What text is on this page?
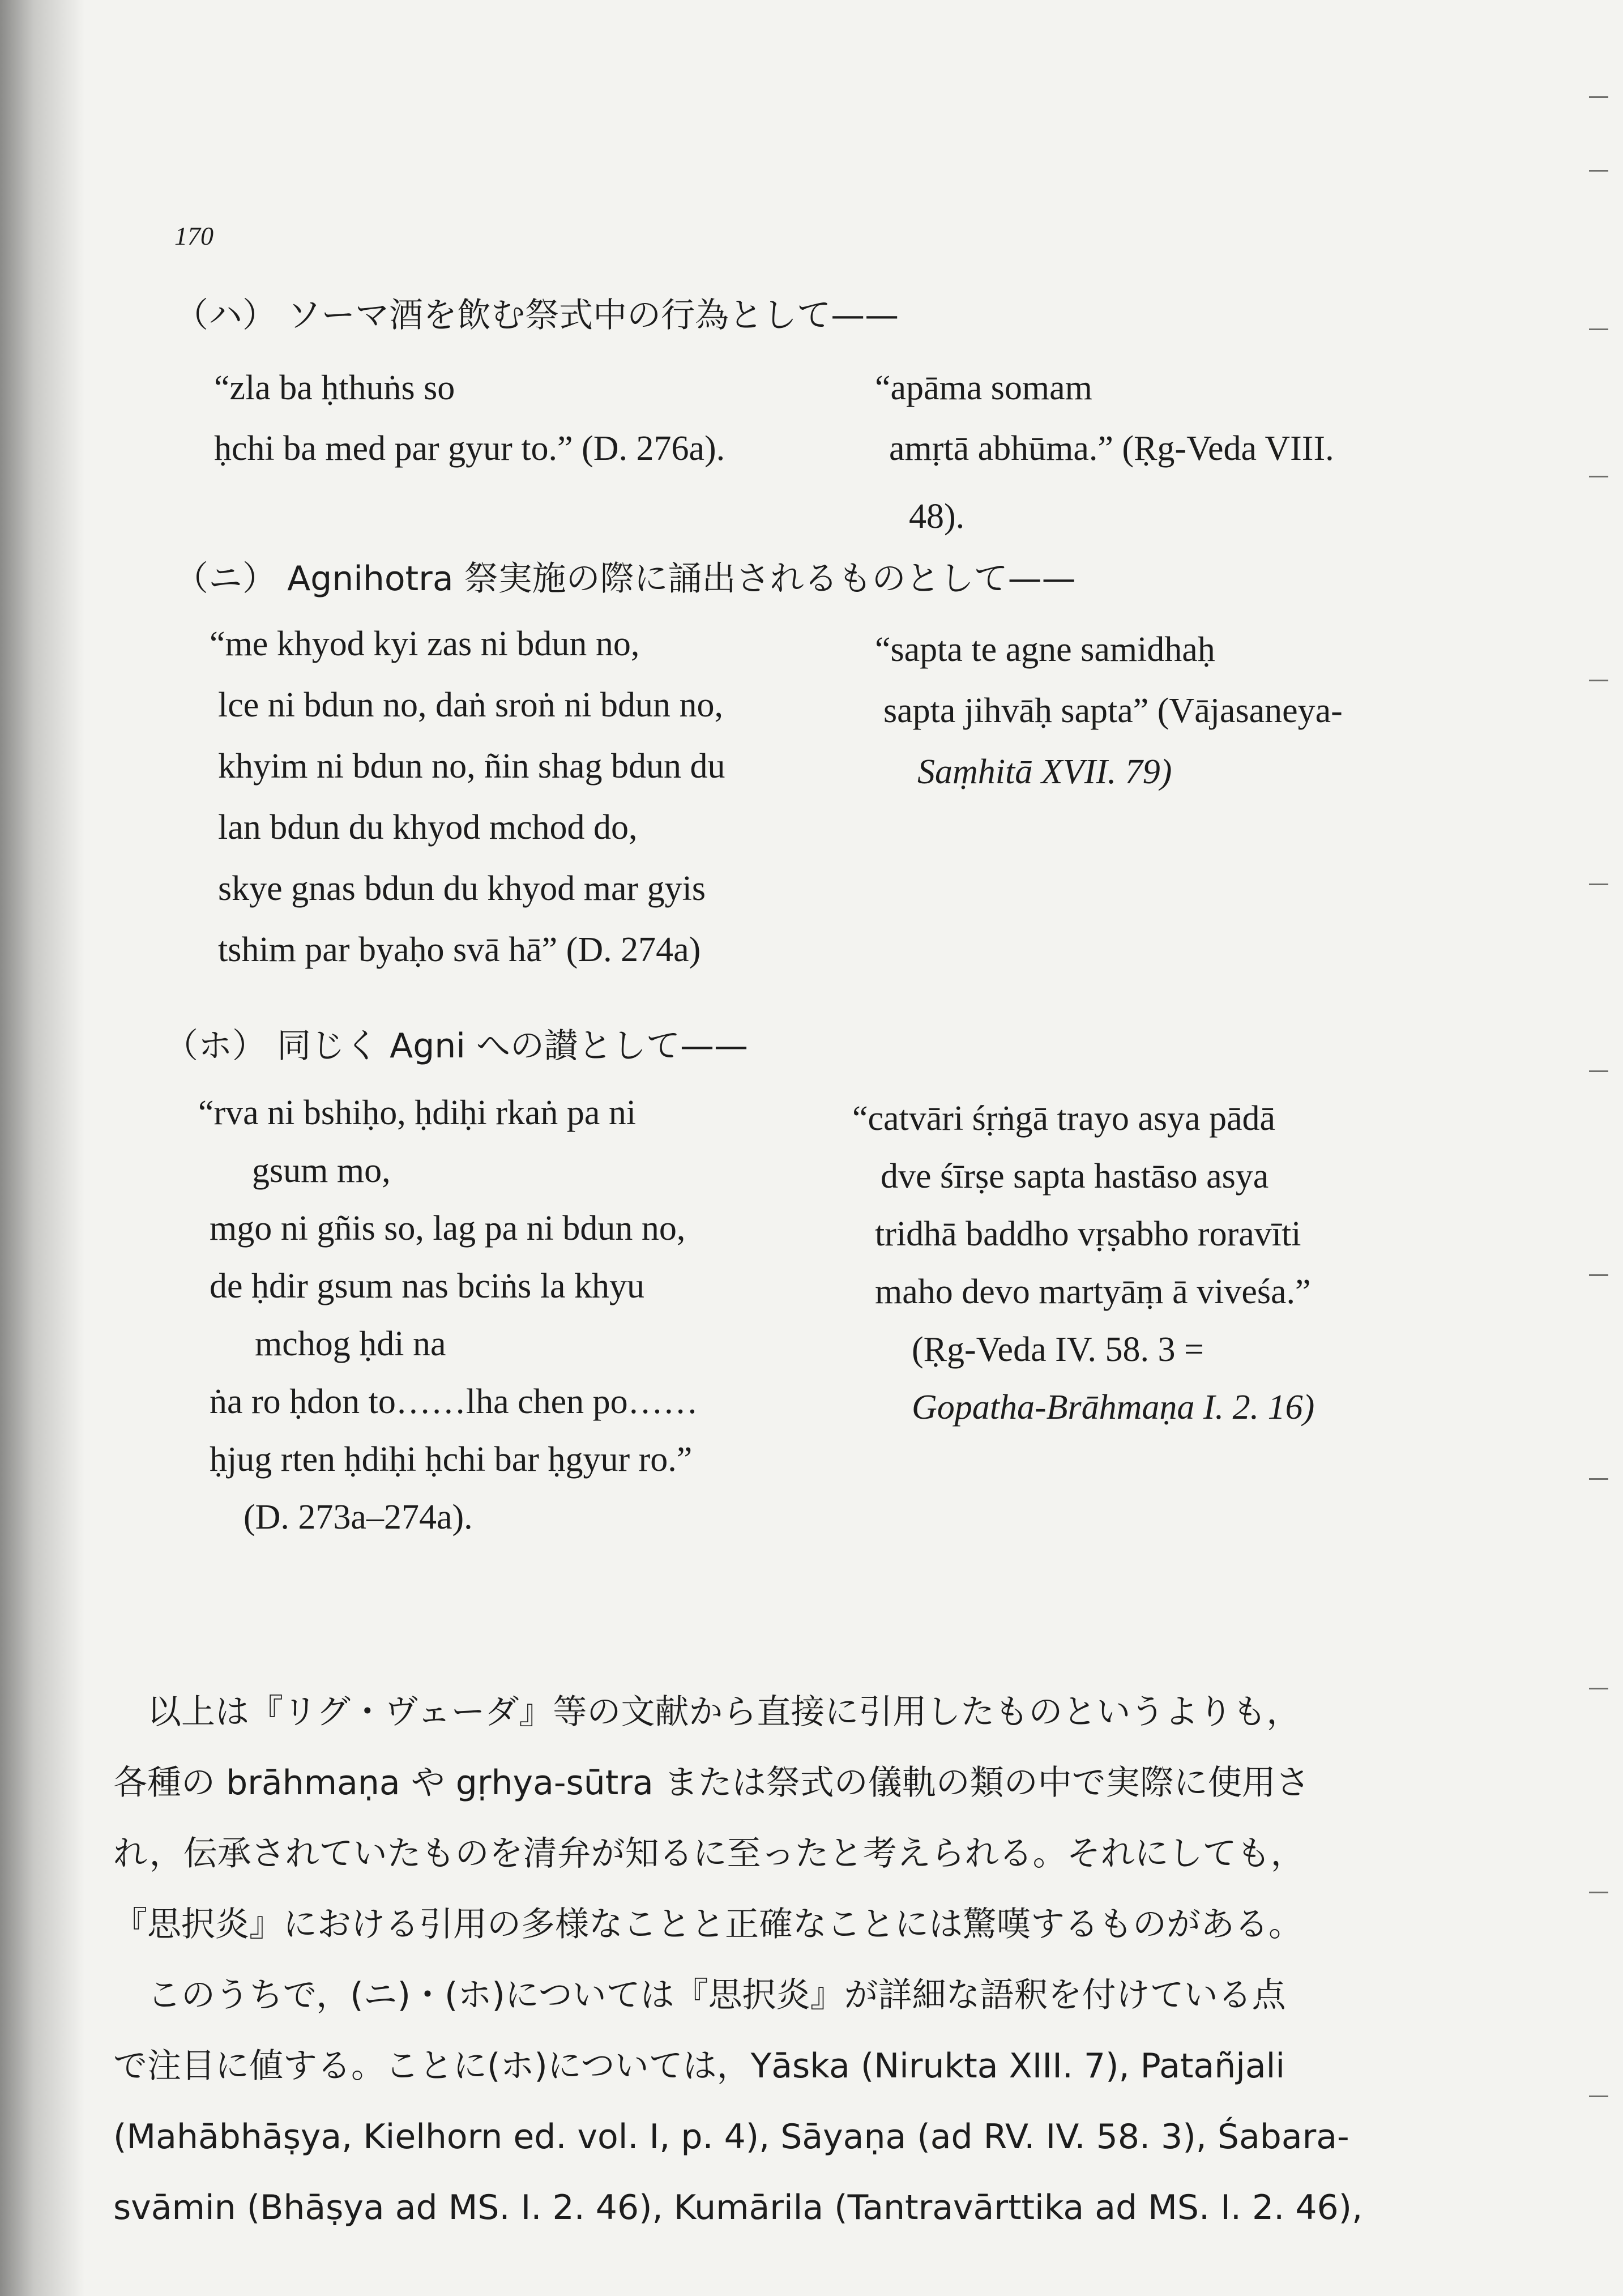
170
（ハ） ソーマ酒を飲む祭式中の行為として——
“zla ba ḥthuṅs so
ḥchi ba med par gyur to.” (D. 276a).
“apāma somam
amṛtā abhūma.” (Ṛg-Veda VIII.
48).
（ニ） Agnihotra 祭実施の際に誦出されるものとして——
“me khyod kyi zas ni bdun no,
lce ni bdun no, daṅ sroṅ ni bdun no,
khyim ni bdun no, ñin shag bdun du
lan bdun du khyod mchod do,
skye gnas bdun du khyod mar gyis
tshim par byaḥo svā hā” (D. 274a)
“sapta te agne samidhaḥ
sapta jihvāḥ sapta” (Vājasaneya-
Saṃhitā XVII. 79)
（ホ） 同じく Agni への讃として——
“rva ni bshiḥo, ḥdiḥi rkaṅ pa ni
gsum mo,
mgo ni gñis so, lag pa ni bdun no,
de ḥdir gsum nas bciṅs la khyu
mchog ḥdi na
ṅa ro ḥdon to……lha chen po……
ḥjug rten ḥdiḥi ḥchi bar ḥgyur ro.”
(D. 273a–274a).
“catvāri śṛṅgā trayo asya pādā
dve śīrṣe sapta hastāso asya
tridhā baddho vṛṣabho roravīti
maho devo martyāṃ ā viveśa.”
(Ṛg-Veda IV. 58. 3 =
Gopatha-Brāhmaṇa I. 2. 16)
　以上は『リグ・ヴェーダ』等の文献から直接に引用したものというよりも，
各種の brāhmaṇa や gṛhya-sūtra または祭式の儀軌の類の中で実際に使用さ
れ，伝承されていたものを清弁が知るに至ったと考えられる。それにしても，
『思択炎』における引用の多様なことと正確なことには驚嘆するものがある。
　このうちで，(ニ)・(ホ)については『思択炎』が詳細な語釈を付けている点
で注目に値する。ことに(ホ)については，Yāska (Nirukta XIII. 7), Patañjali
(Mahābhāṣya, Kielhorn ed. vol. I, p. 4), Sāyaṇa (ad RV. IV. 58. 3), Śabara-
svāmin (Bhāṣya ad MS. I. 2. 46), Kumārila (Tantravārttika ad MS. I. 2. 46),
